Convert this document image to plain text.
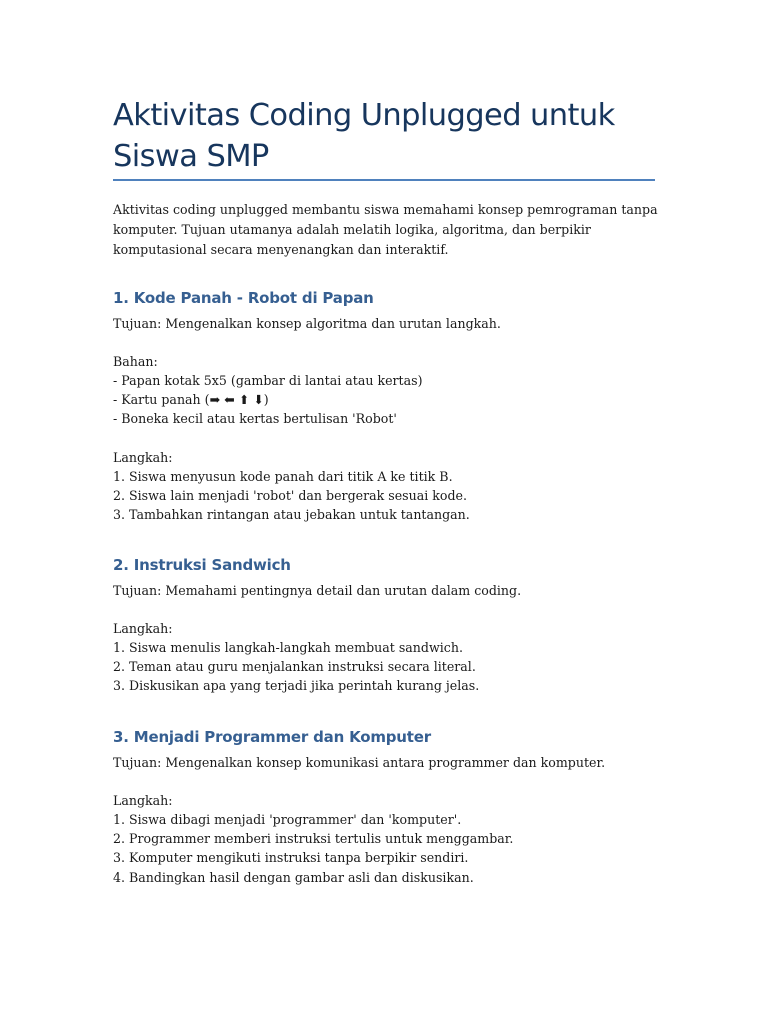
Aktivitas Coding Unplugged untuk Siswa SMP

Aktivitas coding unplugged membantu siswa memahami konsep pemrograman tanpa komputer. Tujuan utamanya adalah melatih logika, algoritma, dan berpikir komputasional secara menyenangkan dan interaktif.

1. Kode Panah - Robot di Papan
Tujuan: Mengenalkan konsep algoritma dan urutan langkah.
Bahan:
- Papan kotak 5x5 (gambar di lantai atau kertas)
- Kartu panah (➡ ⬅ ⬆ ⬇)
- Boneka kecil atau kertas bertulisan 'Robot'
Langkah:
1. Siswa menyusun kode panah dari titik A ke titik B.
2. Siswa lain menjadi 'robot' dan bergerak sesuai kode.
3. Tambahkan rintangan atau jebakan untuk tantangan.
2. Instruksi Sandwich
Tujuan: Memahami pentingnya detail dan urutan dalam coding.
Langkah:
1. Siswa menulis langkah-langkah membuat sandwich.
2. Teman atau guru menjalankan instruksi secara literal.
3. Diskusikan apa yang terjadi jika perintah kurang jelas.
3. Menjadi Programmer dan Komputer
Tujuan: Mengenalkan konsep komunikasi antara programmer dan komputer.
Langkah:
1. Siswa dibagi menjadi 'programmer' dan 'komputer'.
2. Programmer memberi instruksi tertulis untuk menggambar.
3. Komputer mengikuti instruksi tanpa berpikir sendiri.
4. Bandingkan hasil dengan gambar asli dan diskusikan.
